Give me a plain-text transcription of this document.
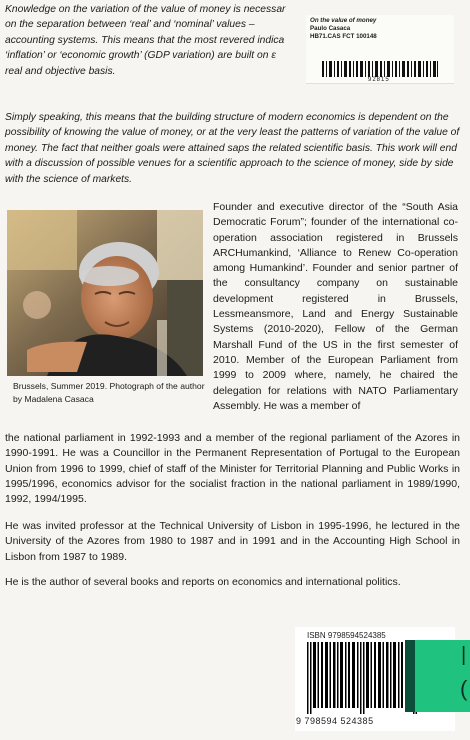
Knowledge on the variation of the value of money is necessar
on the separation between ‘real’ and ‘nominal’ values –
accounting systems. This means that the most revered indica
‘inflation’ or ‘economic growth’ (GDP variation) are built on ε
real and objective basis.
On the value of money
Paulo Casaca
HB71.CAS FCT 100148
92815

Simply speaking, this means that the building structure of modern economics is dependent on the possibility of knowing the value of money, or at the very least the patterns of variation of the value of money. The fact that neither goals were attained saps the related scientific basis. This work will end with a discussion of possible venues for a scientific approach to the science of money, side by side with the science of markets.

Brussels, Summer 2019. Photograph of the author by Madalena Casaca

Founder and executive director of the “South Asia Democratic Forum”; founder of the international co-operation association registered in Brussels ARCHumankind, ‘Alliance to Renew Co-operation among Humankind’. Founder and senior partner of the consultancy company on sustainable development registered in Brussels, Lessmeansmore, Land and Energy Sustainable Systems (2010-2020), Fellow of the German Marshall Fund of the US in the first semester of 2010. Member of the European Parliament from 1999 to 2009 where, namely, he chaired the delegation for relations with NATO Parliamentary Assembly. He was a member of

the national parliament in 1992-1993 and a member of the regional parliament of the Azores in 1990-1991. He was a Councillor in the Permanent Representation of Portugal to the European Union from 1996 to 1999, chief of staff of the Minister for Territorial Planning and Public Works in 1995/1996, economics advisor for the socialist fraction in the national parliament in 1989/1990, 1992, 1994/1995.

He was invited professor at the Technical University of Lisbon in 1995-1996, he lectured in the University of the Azores from 1980 to 1987 and in 1991 and in the Accounting High School in Lisbon from 1987 to 1989.

He is the author of several books and reports on economics and international politics.

ISBN 9798594524385
9 798594 524385
|
(
